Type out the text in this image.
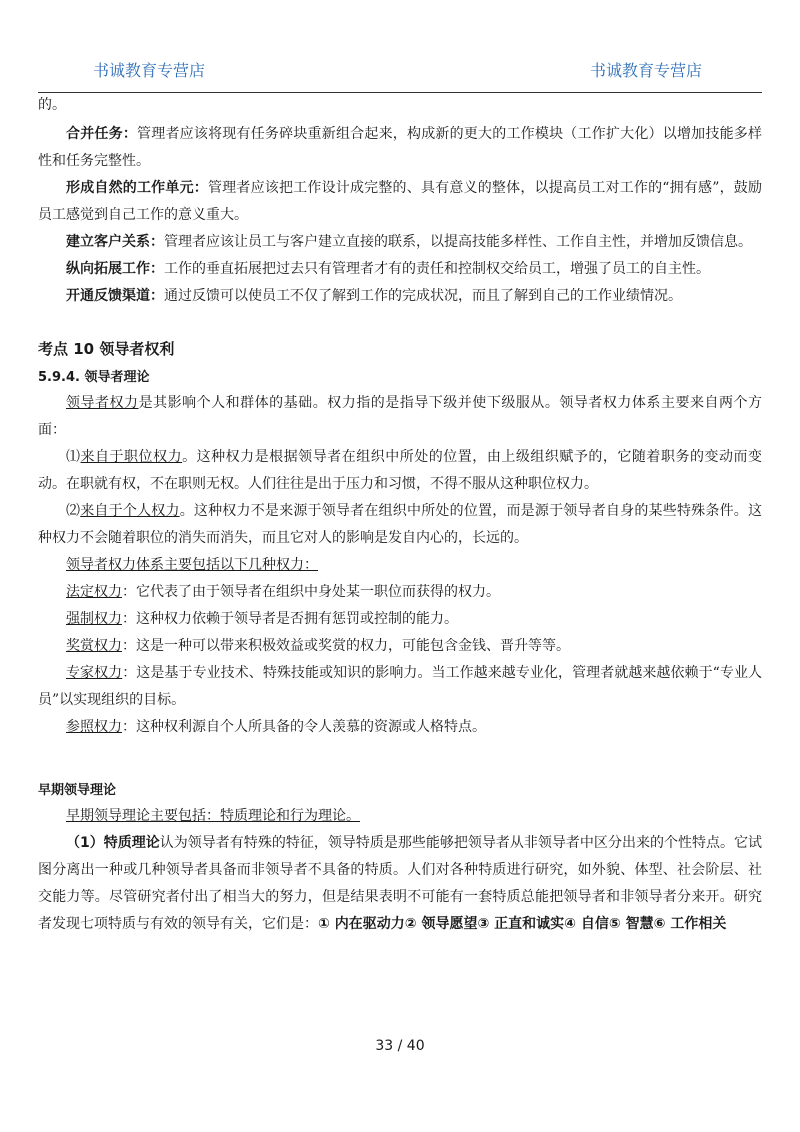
书诚教育专营店	书诚教育专营店

的。

合并任务：管理者应该将现有任务碎块重新组合起来，构成新的更大的工作模块（工作扩大化）以增加技能多样性和任务完整性。

形成自然的工作单元：管理者应该把工作设计成完整的、具有意义的整体，以提高员工对工作的“拥有感”，鼓励员工感觉到自己工作的意义重大。

建立客户关系：管理者应该让员工与客户建立直接的联系，以提高技能多样性、工作自主性，并增加反馈信息。

纵向拓展工作：工作的垂直拓展把过去只有管理者才有的责任和控制权交给员工，增强了员工的自主性。

开通反馈渠道：通过反馈可以使员工不仅了解到工作的完成状况，而且了解到自己的工作业绩情况。

考点 10 领导者权利
5.9.4. 领导者理论

领导者权力是其影响个人和群体的基础。权力指的是指导下级并使下级服从。领导者权力体系主要来自两个方面：

⑴来自于职位权力。这种权力是根据领导者在组织中所处的位置，由上级组织赋予的，它随着职务的变动而变动。在职就有权，不在职则无权。人们往往是出于压力和习惯，不得不服从这种职位权力。

⑵来自于个人权力。这种权力不是来源于领导者在组织中所处的位置，而是源于领导者自身的某些特殊条件。这种权力不会随着职位的消失而消失，而且它对人的影响是发自内心的，长远的。

领导者权力体系主要包括以下几种权力：

法定权力：它代表了由于领导者在组织中身处某一职位而获得的权力。

强制权力：这种权力依赖于领导者是否拥有惩罚或控制的能力。

奖赏权力：这是一种可以带来积极效益或奖赏的权力，可能包含金钱、晋升等等。

专家权力：这是基于专业技术、特殊技能或知识的影响力。当工作越来越专业化，管理者就越来越依赖于“专业人员”以实现组织的目标。

参照权力：这种权利源自个人所具备的令人羡慕的资源或人格特点。

早期领导理论

早期领导理论主要包括：特质理论和行为理论。

（1）特质理论认为领导者有特殊的特征，领导特质是那些能够把领导者从非领导者中区分出来的个性特点。它试图分离出一种或几种领导者具备而非领导者不具备的特质。人们对各种特质进行研究，如外貌、体型、社会阶层、社交能力等。尽管研究者付出了相当大的努力，但是结果表明不可能有一套特质总能把领导者和非领导者分来开。研究者发现七项特质与有效的领导有关，它们是：① 内在驱动力② 领导愿望③ 正直和诚实④ 自信⑤ 智慧⑥ 工作相关

33 / 40
